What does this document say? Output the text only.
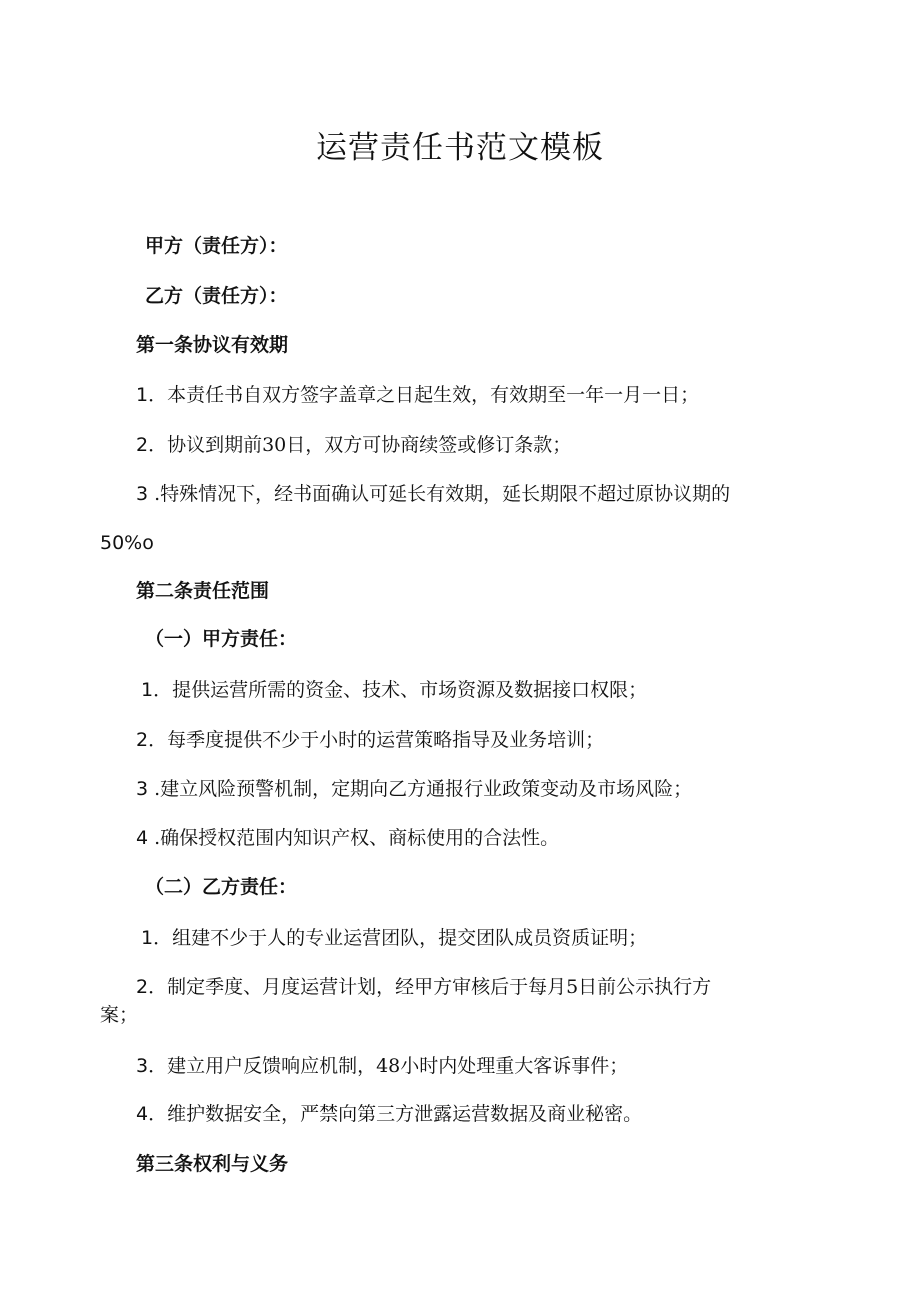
运营责任书范文模板
甲方（责任方）：
乙方（责任方）：
第一条协议有效期
1．本责任书自双方签字盖章之日起生效，有效期至一年一月一日；
2．协议到期前30日，双方可协商续签或修订条款；
3 .特殊情况下，经书面确认可延长有效期，延长期限不超过原协议期的
50%o
第二条责任范围
（一）甲方责任：
1．提供运营所需的资金、技术、市场资源及数据接口权限；
2．每季度提供不少于小时的运营策略指导及业务培训；
3 .建立风险预警机制，定期向乙方通报行业政策变动及市场风险；
4 .确保授权范围内知识产权、商标使用的合法性。
（二）乙方责任：
1．组建不少于人的专业运营团队，提交团队成员资质证明；
2．制定季度、月度运营计划，经甲方审核后于每月5日前公示执行方
案；
3．建立用户反馈响应机制，48小时内处理重大客诉事件；
4．维护数据安全，严禁向第三方泄露运营数据及商业秘密。
第三条权利与义务
